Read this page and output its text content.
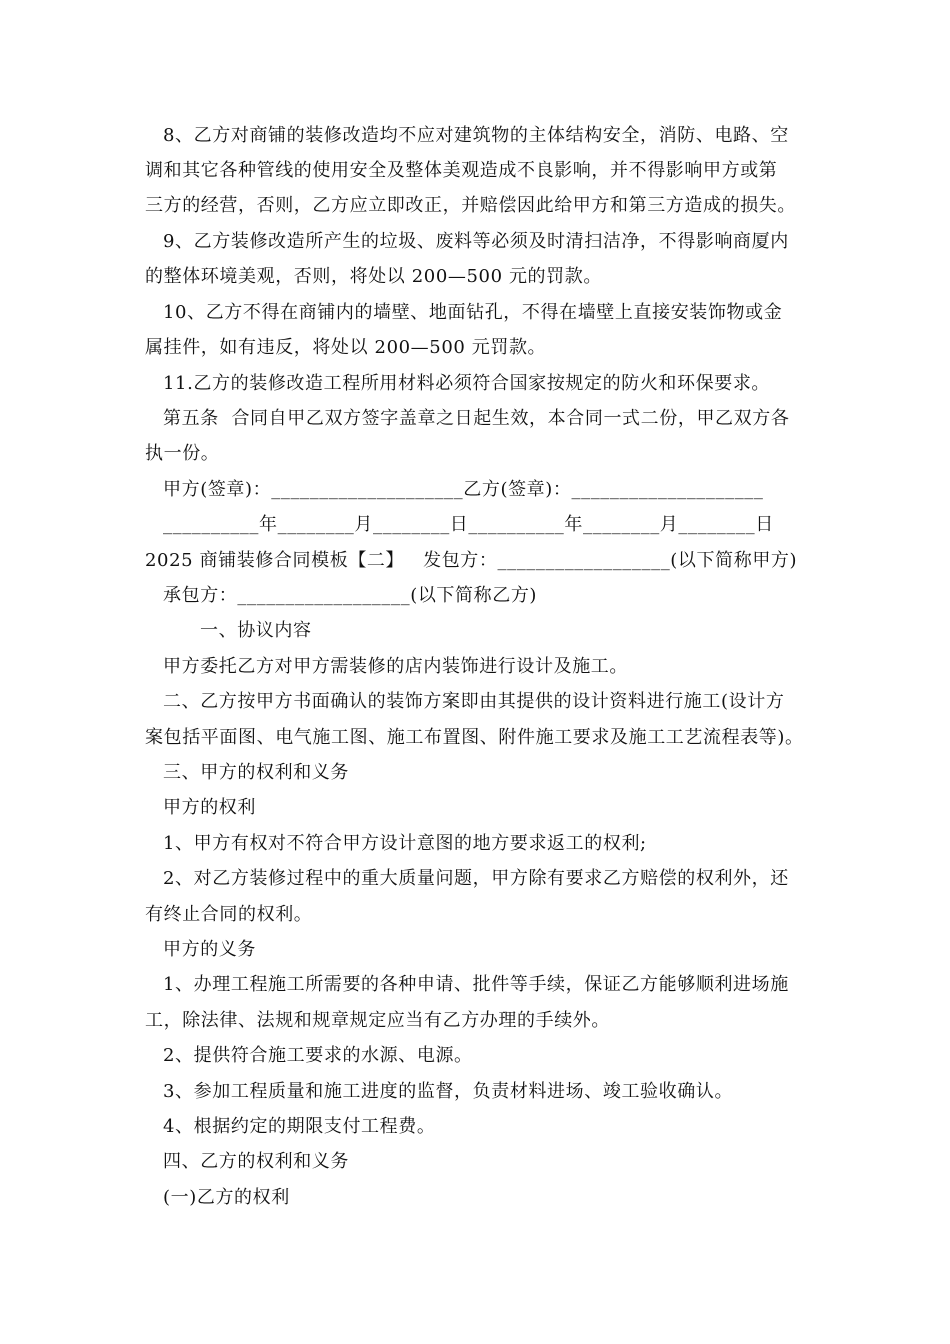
8、乙方对商铺的装修改造均不应对建筑物的主体结构安全，消防、电路、空
调和其它各种管线的使用安全及整体美观造成不良影响，并不得影响甲方或第
三方的经营，否则，乙方应立即改正，并赔偿因此给甲方和第三方造成的损失。
9、乙方装修改造所产生的垃圾、废料等必须及时清扫洁净，不得影响商厦内
的整体环境美观，否则，将处以 200—500 元的罚款。
10、乙方不得在商铺内的墙壁、地面钻孔，不得在墙壁上直接安装饰物或金
属挂件，如有违反，将处以 200—500 元罚款。
11.乙方的装修改造工程所用材料必须符合国家按规定的防火和环保要求。
第五条  合同自甲乙双方签字盖章之日起生效，本合同一式二份，甲乙双方各
执一份。
甲方(签章)：____________________乙方(签章)：____________________
__________年________月________日__________年________月________日
2025 商铺装修合同模板【二】   发包方：__________________(以下简称甲方)
承包方：__________________(以下简称乙方)
一、协议内容
甲方委托乙方对甲方需装修的店内装饰进行设计及施工。
二、乙方按甲方书面确认的装饰方案即由其提供的设计资料进行施工(设计方
案包括平面图、电气施工图、施工布置图、附件施工要求及施工工艺流程表等)。
三、甲方的权利和义务
甲方的权利
1、甲方有权对不符合甲方设计意图的地方要求返工的权利;
2、对乙方装修过程中的重大质量问题，甲方除有要求乙方赔偿的权利外，还
有终止合同的权利。
甲方的义务
1、办理工程施工所需要的各种申请、批件等手续，保证乙方能够顺利进场施
工，除法律、法规和规章规定应当有乙方办理的手续外。
2、提供符合施工要求的水源、电源。
3、参加工程质量和施工进度的监督，负责材料进场、竣工验收确认。
4、根据约定的期限支付工程费。
四、乙方的权利和义务
(一)乙方的权利
